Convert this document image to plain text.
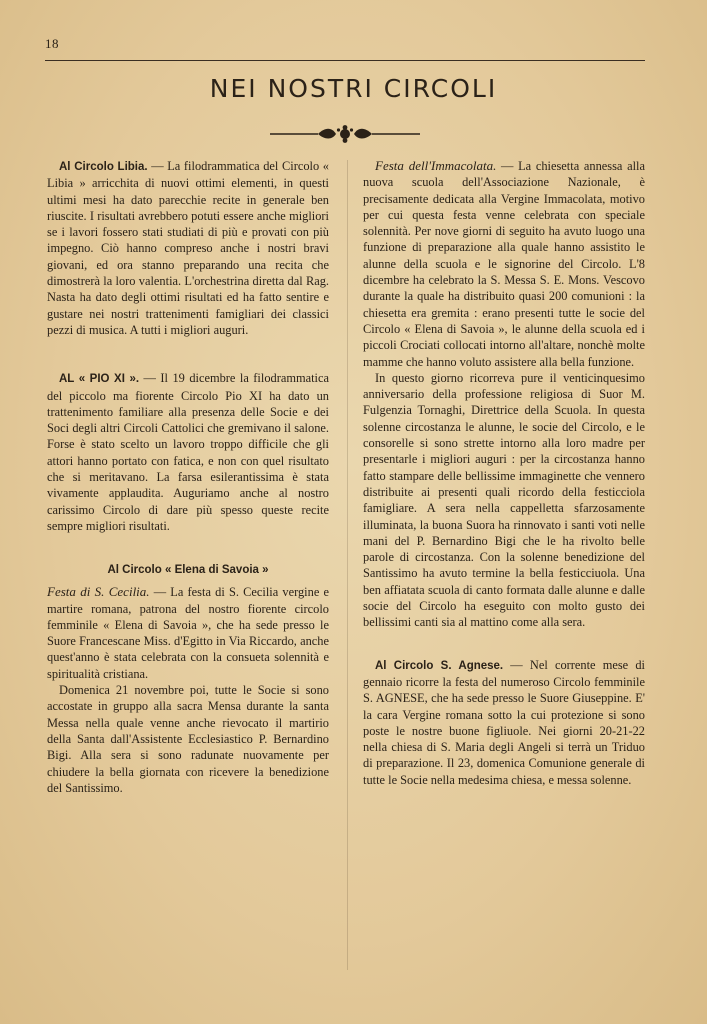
18
NEI NOSTRI CIRCOLI

Al Circolo Libia. — La filodrammatica del Circolo « Libia » arricchita di nuovi ottimi elementi, in questi ultimi mesi ha dato parecchie recite in generale ben riuscite. I risultati avrebbero potuti essere anche migliori se i lavori fossero stati studiati di più e provati con più impegno. Ciò hanno compreso anche i nostri bravi giovani, ed ora stanno preparando una recita che dimostrerà la loro valentia. L'orchestrina diretta dal Rag. Nasta ha dato degli ottimi risultati ed ha fatto sentire e gustare nei nostri trattenimenti famigliari dei classici pezzi di musica. A tutti i migliori auguri.

AL « PIO XI ». — Il 19 dicembre la filodrammatica del piccolo ma fiorente Circolo Pio XI ha dato un trattenimento familiare alla presenza delle Socie e dei Soci degli altri Circoli Cattolici che gremivano il salone. Forse è stato scelto un lavoro troppo difficile che gli attori hanno portato con fatica, e non con quel risultato che si meritavano. La farsa esilerantissima è stata vivamente applaudita. Auguriamo anche al nostro carissimo Circolo di dare più spesso queste recite sempre migliori risultati.

Al Circolo « Elena di Savoia »

Festa di S. Cecilia. — La festa di S. Cecilia vergine e martire romana, patrona del nostro fiorente circolo femminile « Elena di Savoia », che ha sede presso le Suore Francescane Miss. d'Egitto in Via Riccardo, anche quest'anno è stata celebrata con la consueta solennità e spiritualità cristiana.

Domenica 21 novembre poi, tutte le Socie si sono accostate in gruppo alla sacra Mensa durante la santa Messa nella quale venne anche rievocato il martirio della Santa dall'Assistente Ecclesiastico P. Bernardino Bigi. Alla sera si sono radunate nuovamente per chiudere la bella giornata con ricevere la benedizione del Santissimo.

Festa dell'Immacolata. — La chiesetta annessa alla nuova scuola dell'Associazione Nazionale, è precisamente dedicata alla Vergine Immacolata, motivo per cui questa festa venne celebrata con speciale solennità. Per nove giorni di seguito ha avuto luogo una funzione di preparazione alla quale hanno assistito le alunne della scuola e le signorine del Circolo. L'8 dicembre ha celebrato la S. Messa S. E. Mons. Vescovo durante la quale ha distribuito quasi 200 comunioni : la chiesetta era gremita : erano presenti tutte le socie del Circolo « Elena di Savoia », le alunne della scuola ed i piccoli Crociati collocati intorno all'altare, nonchè molte mamme che hanno voluto assistere alla bella funzione.

In questo giorno ricorreva pure il venticinquesimo anniversario della professione religiosa di Suor M. Fulgenzia Tornaghi, Direttrice della Scuola. In questa solenne circostanza le alunne, le socie del Circolo, e le consorelle si sono strette intorno alla loro madre per presentarle i migliori auguri : per la circostanza hanno fatto stampare delle bellissime immaginette che vennero distribuite ai presenti quali ricordo della festicciola famigliare. A sera nella cappelletta sfarzosamente illuminata, la buona Suora ha rinnovato i santi voti nelle mani del P. Bernardino Bigi che le ha rivolto belle parole di circostanza. Con la solenne benedizione del Santissimo ha avuto termine la bella festicciuola. Una ben affiatata scuola di canto formata dalle alunne e dalle socie del Circolo ha eseguito con molto gusto dei bellissimi canti sia al mattino come alla sera.

Al Circolo S. Agnese. — Nel corrente mese di gennaio ricorre la festa del numeroso Circolo femminile S. AGNESE, che ha sede presso le Suore Giuseppine. E' la cara Vergine romana sotto la cui protezione si sono poste le nostre buone figliuole. Nei giorni 20-21-22 nella chiesa di S. Maria degli Angeli si terrà un Triduo di preparazione. Il 23, domenica Comunione generale di tutte le Socie nella medesima chiesa, e messa solenne.
